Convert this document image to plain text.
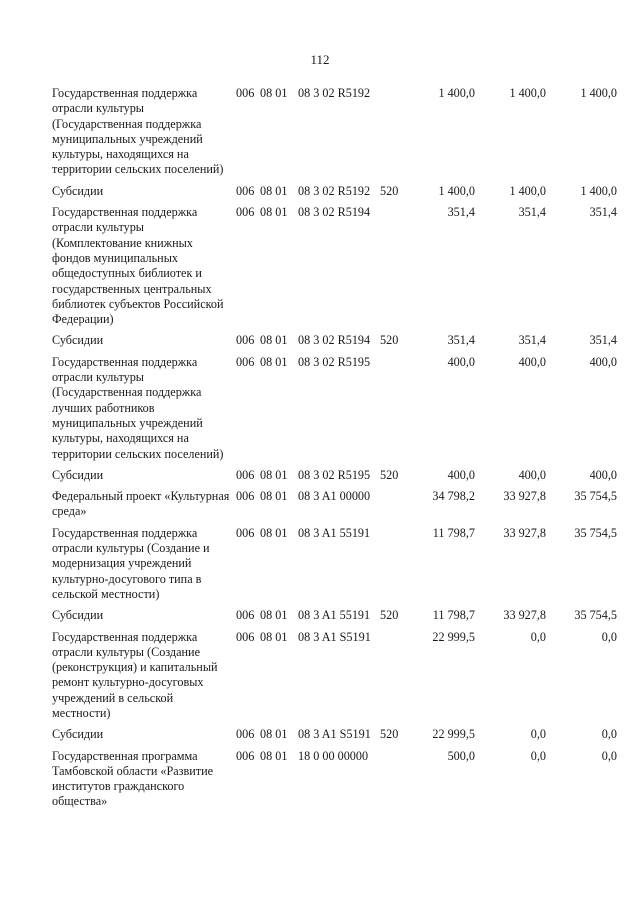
112
Государственная поддержка отрасли культуры (Государственная поддержка муниципальных учреждений культуры, находящихся на территории сельских поселений)	006	08 01	08 3 02 R5192		1 400,0	1 400,0	1 400,0
Субсидии	006	08 01	08 3 02 R5192	520	1 400,0	1 400,0	1 400,0
Государственная поддержка отрасли культуры (Комплектование книжных фондов муниципальных общедоступных библиотек и государственных центральных библиотек субъектов Российской Федерации)	006	08 01	08 3 02 R5194		351,4	351,4	351,4
Субсидии	006	08 01	08 3 02 R5194	520	351,4	351,4	351,4
Государственная поддержка отрасли культуры (Государственная поддержка лучших работников муниципальных учреждений культуры, находящихся на территории сельских поселений)	006	08 01	08 3 02 R5195		400,0	400,0	400,0
Субсидии	006	08 01	08 3 02 R5195	520	400,0	400,0	400,0
Федеральный проект «Культурная среда»	006	08 01	08 3 A1 00000		34 798,2	33 927,8	35 754,5
Государственная поддержка отрасли культуры (Создание и модернизация учреждений культурно-досугового типа в сельской местности)	006	08 01	08 3 A1 55191		11 798,7	33 927,8	35 754,5
Субсидии	006	08 01	08 3 A1 55191	520	11 798,7	33 927,8	35 754,5
Государственная поддержка отрасли культуры (Создание (реконструкция) и капитальный ремонт культурно-досуговых учреждений в сельской местности)	006	08 01	08 3 A1 S5191		22 999,5	0,0	0,0
Субсидии	006	08 01	08 3 A1 S5191	520	22 999,5	0,0	0,0
Государственная программа Тамбовской области «Развитие институтов гражданского общества»	006	08 01	18 0 00 00000		500,0	0,0	0,0
